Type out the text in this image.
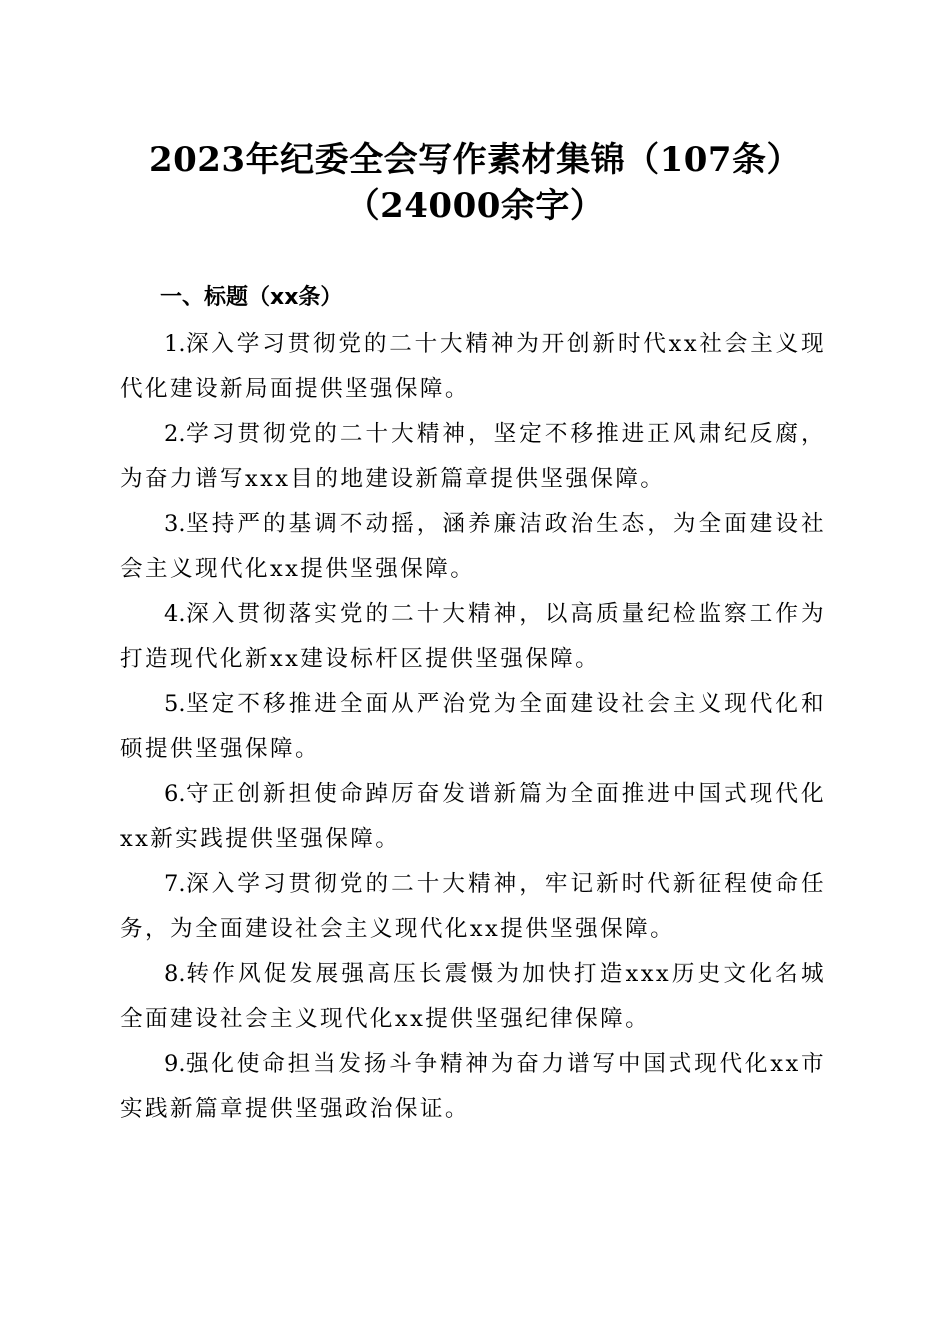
2023年纪委全会写作素材集锦（107条）
（24000余字）
一、标题（xx条）
1.深入学习贯彻党的二十大精神为开创新时代xx社会主义现代化建设新局面提供坚强保障。
2.学习贯彻党的二十大精神，坚定不移推进正风肃纪反腐，为奋力谱写xxx目的地建设新篇章提供坚强保障。
3.坚持严的基调不动摇，涵养廉洁政治生态，为全面建设社会主义现代化xx提供坚强保障。
4.深入贯彻落实党的二十大精神，以高质量纪检监察工作为打造现代化新xx建设标杆区提供坚强保障。
5.坚定不移推进全面从严治党为全面建设社会主义现代化和硕提供坚强保障。
6.守正创新担使命踔厉奋发谱新篇为全面推进中国式现代化xx新实践提供坚强保障。
7.深入学习贯彻党的二十大精神，牢记新时代新征程使命任务，为全面建设社会主义现代化xx提供坚强保障。
8.转作风促发展强高压长震慑为加快打造xxx历史文化名城全面建设社会主义现代化xx提供坚强纪律保障。
9.强化使命担当发扬斗争精神为奋力谱写中国式现代化xx市实践新篇章提供坚强政治保证。
